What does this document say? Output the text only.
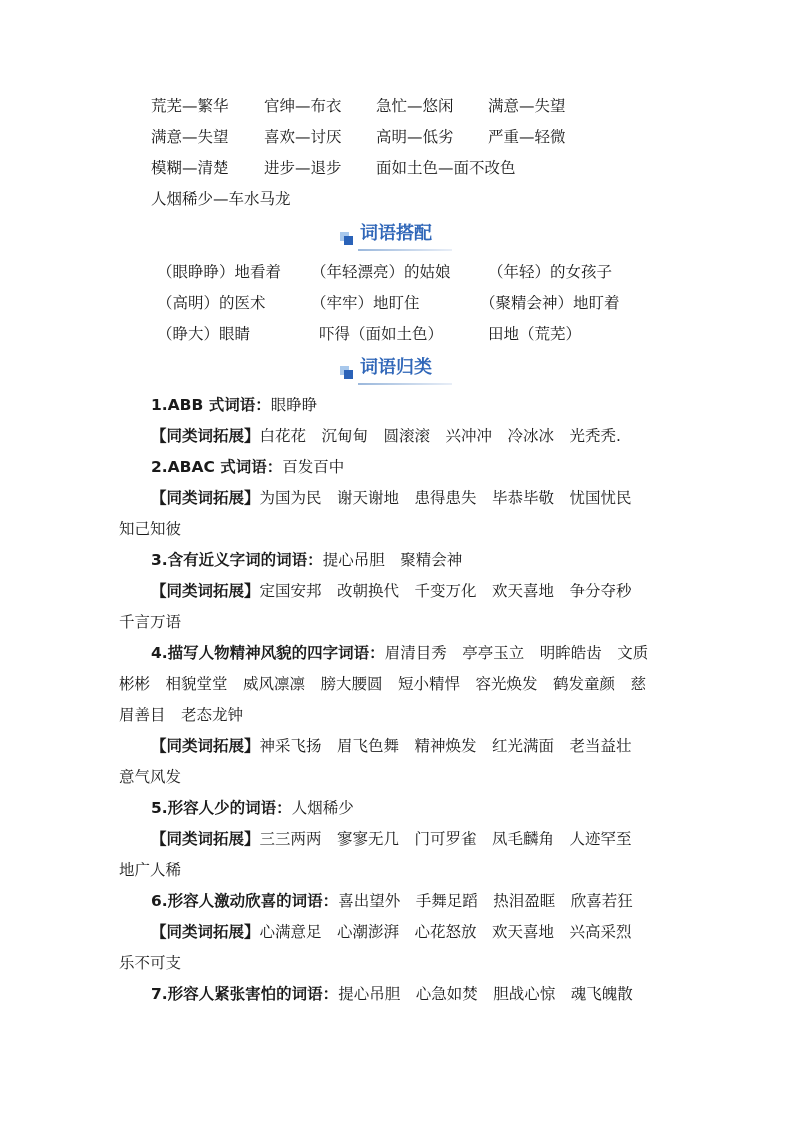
荒芜—繁华 官绅—布衣 急忙—悠闲 满意—失望
满意—失望 喜欢—讨厌 高明—低劣 严重—轻微
模糊—清楚 进步—退步 面如土色—面不改色
人烟稀少—车水马龙
词语搭配
（眼睁睁）地看着 （年轻漂亮）的姑娘 （年轻）的女孩子
（高明）的医术	（牢牢）地盯住	（聚精会神）地盯着
（睁大）眼睛	吓得（面如土色）	田地（荒芜）
词语归类
1.ABB 式词语：眼睁睁
【同类词拓展】白花花　沉甸甸　圆滚滚　兴冲冲　冷冰冰　光秃秃.
2.ABAC 式词语：百发百中
【同类词拓展】为国为民　谢天谢地　患得患失　毕恭毕敬　忧国忧民
知己知彼
3.含有近义字词的词语：提心吊胆　聚精会神
【同类词拓展】定国安邦　改朝换代　千变万化　欢天喜地　争分夺秒
千言万语
4.描写人物精神风貌的四字词语：眉清目秀　亭亭玉立　明眸皓齿　文质
彬彬　相貌堂堂　威风凛凛　膀大腰圆　短小精悍　容光焕发　鹤发童颜　慈
眉善目　老态龙钟
【同类词拓展】神采飞扬　眉飞色舞　精神焕发　红光满面　老当益壮
意气风发
5.形容人少的词语：人烟稀少
【同类词拓展】三三两两　寥寥无几　门可罗雀　凤毛麟角　人迹罕至
地广人稀
6.形容人激动欣喜的词语：喜出望外　手舞足蹈　热泪盈眶　欣喜若狂
【同类词拓展】心满意足　心潮澎湃　心花怒放　欢天喜地　兴高采烈
乐不可支
7.形容人紧张害怕的词语：提心吊胆　心急如焚　胆战心惊　魂飞魄散
